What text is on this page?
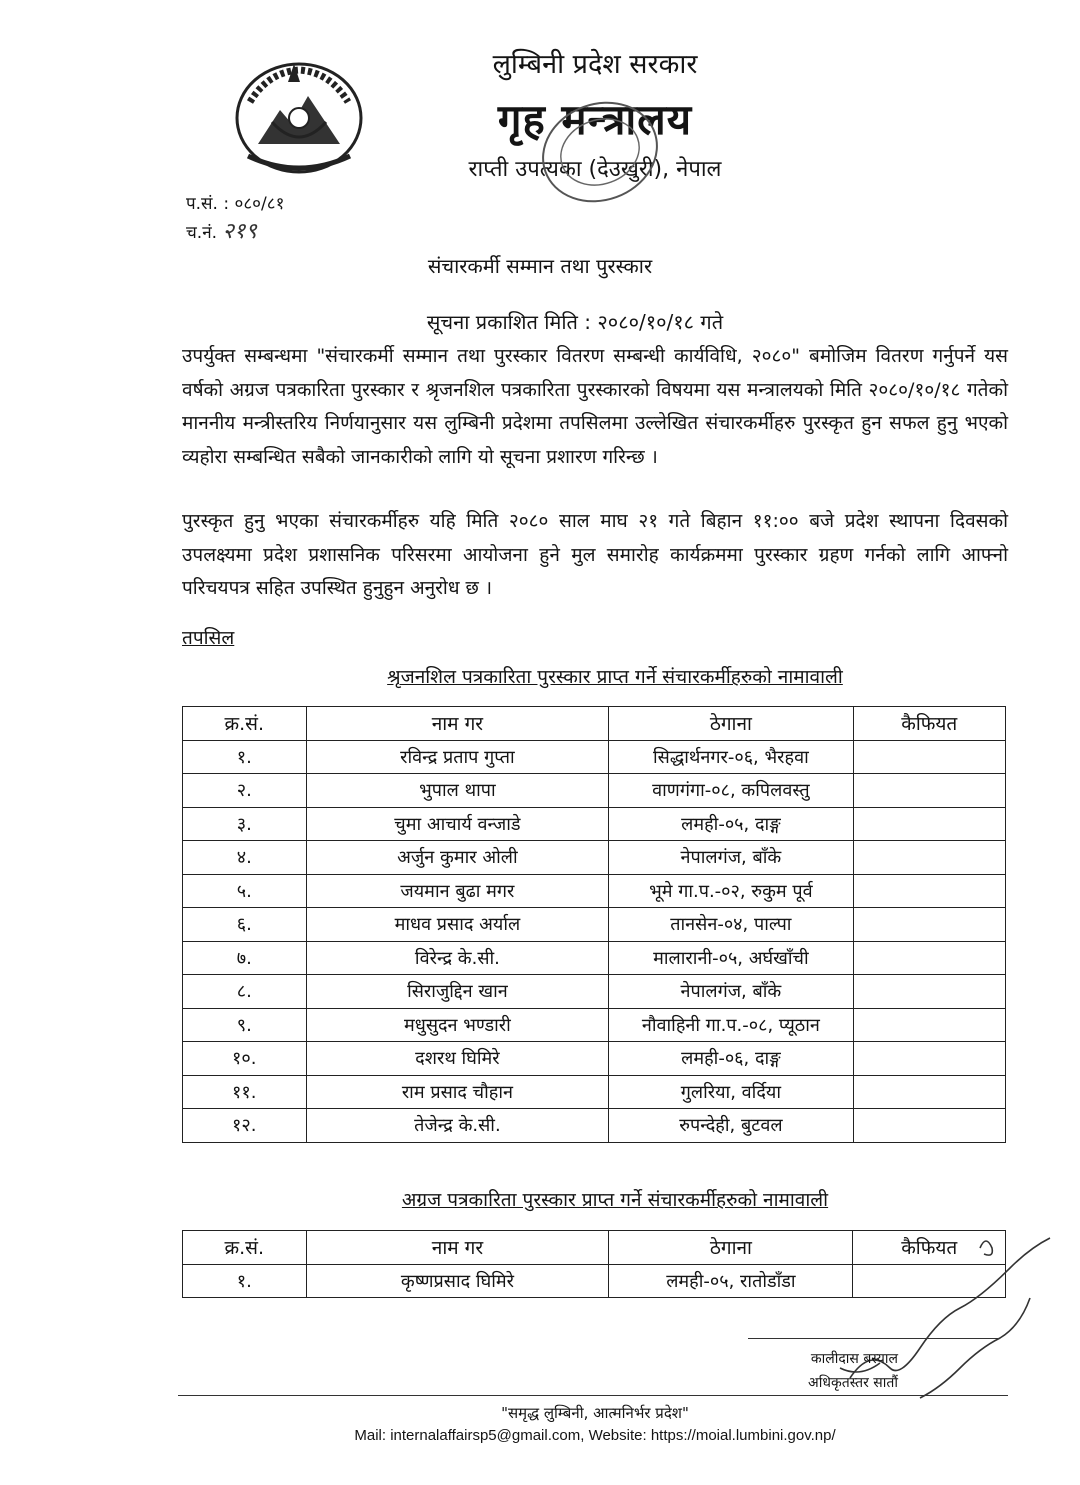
लुम्बिनी प्रदेश सरकार
गृह मन्त्रालय
राप्ती उपत्यका (देउखुरी), नेपाल
प.सं. : ०८०/८१
च.नं. २१९
संचारकर्मी सम्मान तथा पुरस्कार
सूचना प्रकाशित मिति : २०८०/१०/१८ गते
उपर्युक्त सम्बन्धमा "संचारकर्मी सम्मान तथा पुरस्कार वितरण सम्बन्धी कार्यविधि, २०८०" बमोजिम वितरण गर्नुपर्ने यस वर्षको अग्रज पत्रकारिता पुरस्कार र श्रृजनशिल पत्रकारिता पुरस्कारको विषयमा यस मन्त्रालयको मिति २०८०/१०/१८ गतेको माननीय मन्त्रीस्तरिय निर्णयानुसार यस लुम्बिनी प्रदेशमा तपसिलमा उल्लेखित संचारकर्मीहरु पुरस्कृत हुन सफल हुनु भएको व्यहोरा सम्बन्धित सबैको जानकारीको लागि यो सूचना प्रशारण गरिन्छ ।
पुरस्कृत हुनु भएका संचारकर्मीहरु यहि मिति २०८० साल माघ २१ गते बिहान ११:०० बजे प्रदेश स्थापना दिवसको उपलक्ष्यमा प्रदेश प्रशासनिक परिसरमा आयोजना हुने मुल समारोह कार्यक्रममा पुरस्कार ग्रहण गर्नको लागि आफ्नो परिचयपत्र सहित उपस्थित हुनुहुन अनुरोध छ ।
तपसिल
श्रृजनशिल पत्रकारिता पुरस्कार प्राप्त गर्ने संचारकर्मीहरुको नामावाली
क्र.सं.	नाम गर	ठेगाना	कैफियत
१.	रविन्द्र प्रताप गुप्ता	सिद्धार्थनगर-०६, भैरहवा	
२.	भुपाल थापा	वाणगंगा-०८, कपिलवस्तु	
३.	चुमा आचार्य वन्जाडे	लमही-०५, दाङ्ग	
४.	अर्जुन कुमार ओली	नेपालगंज, बाँके	
५.	जयमान बुढा मगर	भूमे गा.प.-०२, रुकुम पूर्व	
६.	माधव प्रसाद अर्याल	तानसेन-०४, पाल्पा	
७.	विरेन्द्र के.सी.	मालारानी-०५, अर्घखाँची	
८.	सिराजुद्दिन खान	नेपालगंज, बाँके	
९.	मधुसुदन भण्डारी	नौवाहिनी गा.प.-०८, प्यूठान	
१०.	दशरथ घिमिरे	लमही-०६, दाङ्ग	
११.	राम प्रसाद चौहान	गुलरिया, वर्दिया	
१२.	तेजेन्द्र के.सी.	रुपन्देही, बुटवल	
अग्रज पत्रकारिता पुरस्कार प्राप्त गर्ने संचारकर्मीहरुको नामावाली
क्र.सं.	नाम गर	ठेगाना	कैफियत
१.	कृष्णप्रसाद घिमिरे	लमही-०५, रातोडाँडा	
कालीदास बस्याल
अधिकृतस्तर सातौं
"समृद्ध लुम्बिनी, आत्मनिर्भर प्रदेश"
Mail: internalaffairsp5@gmail.com, Website: https://moial.lumbini.gov.np/
